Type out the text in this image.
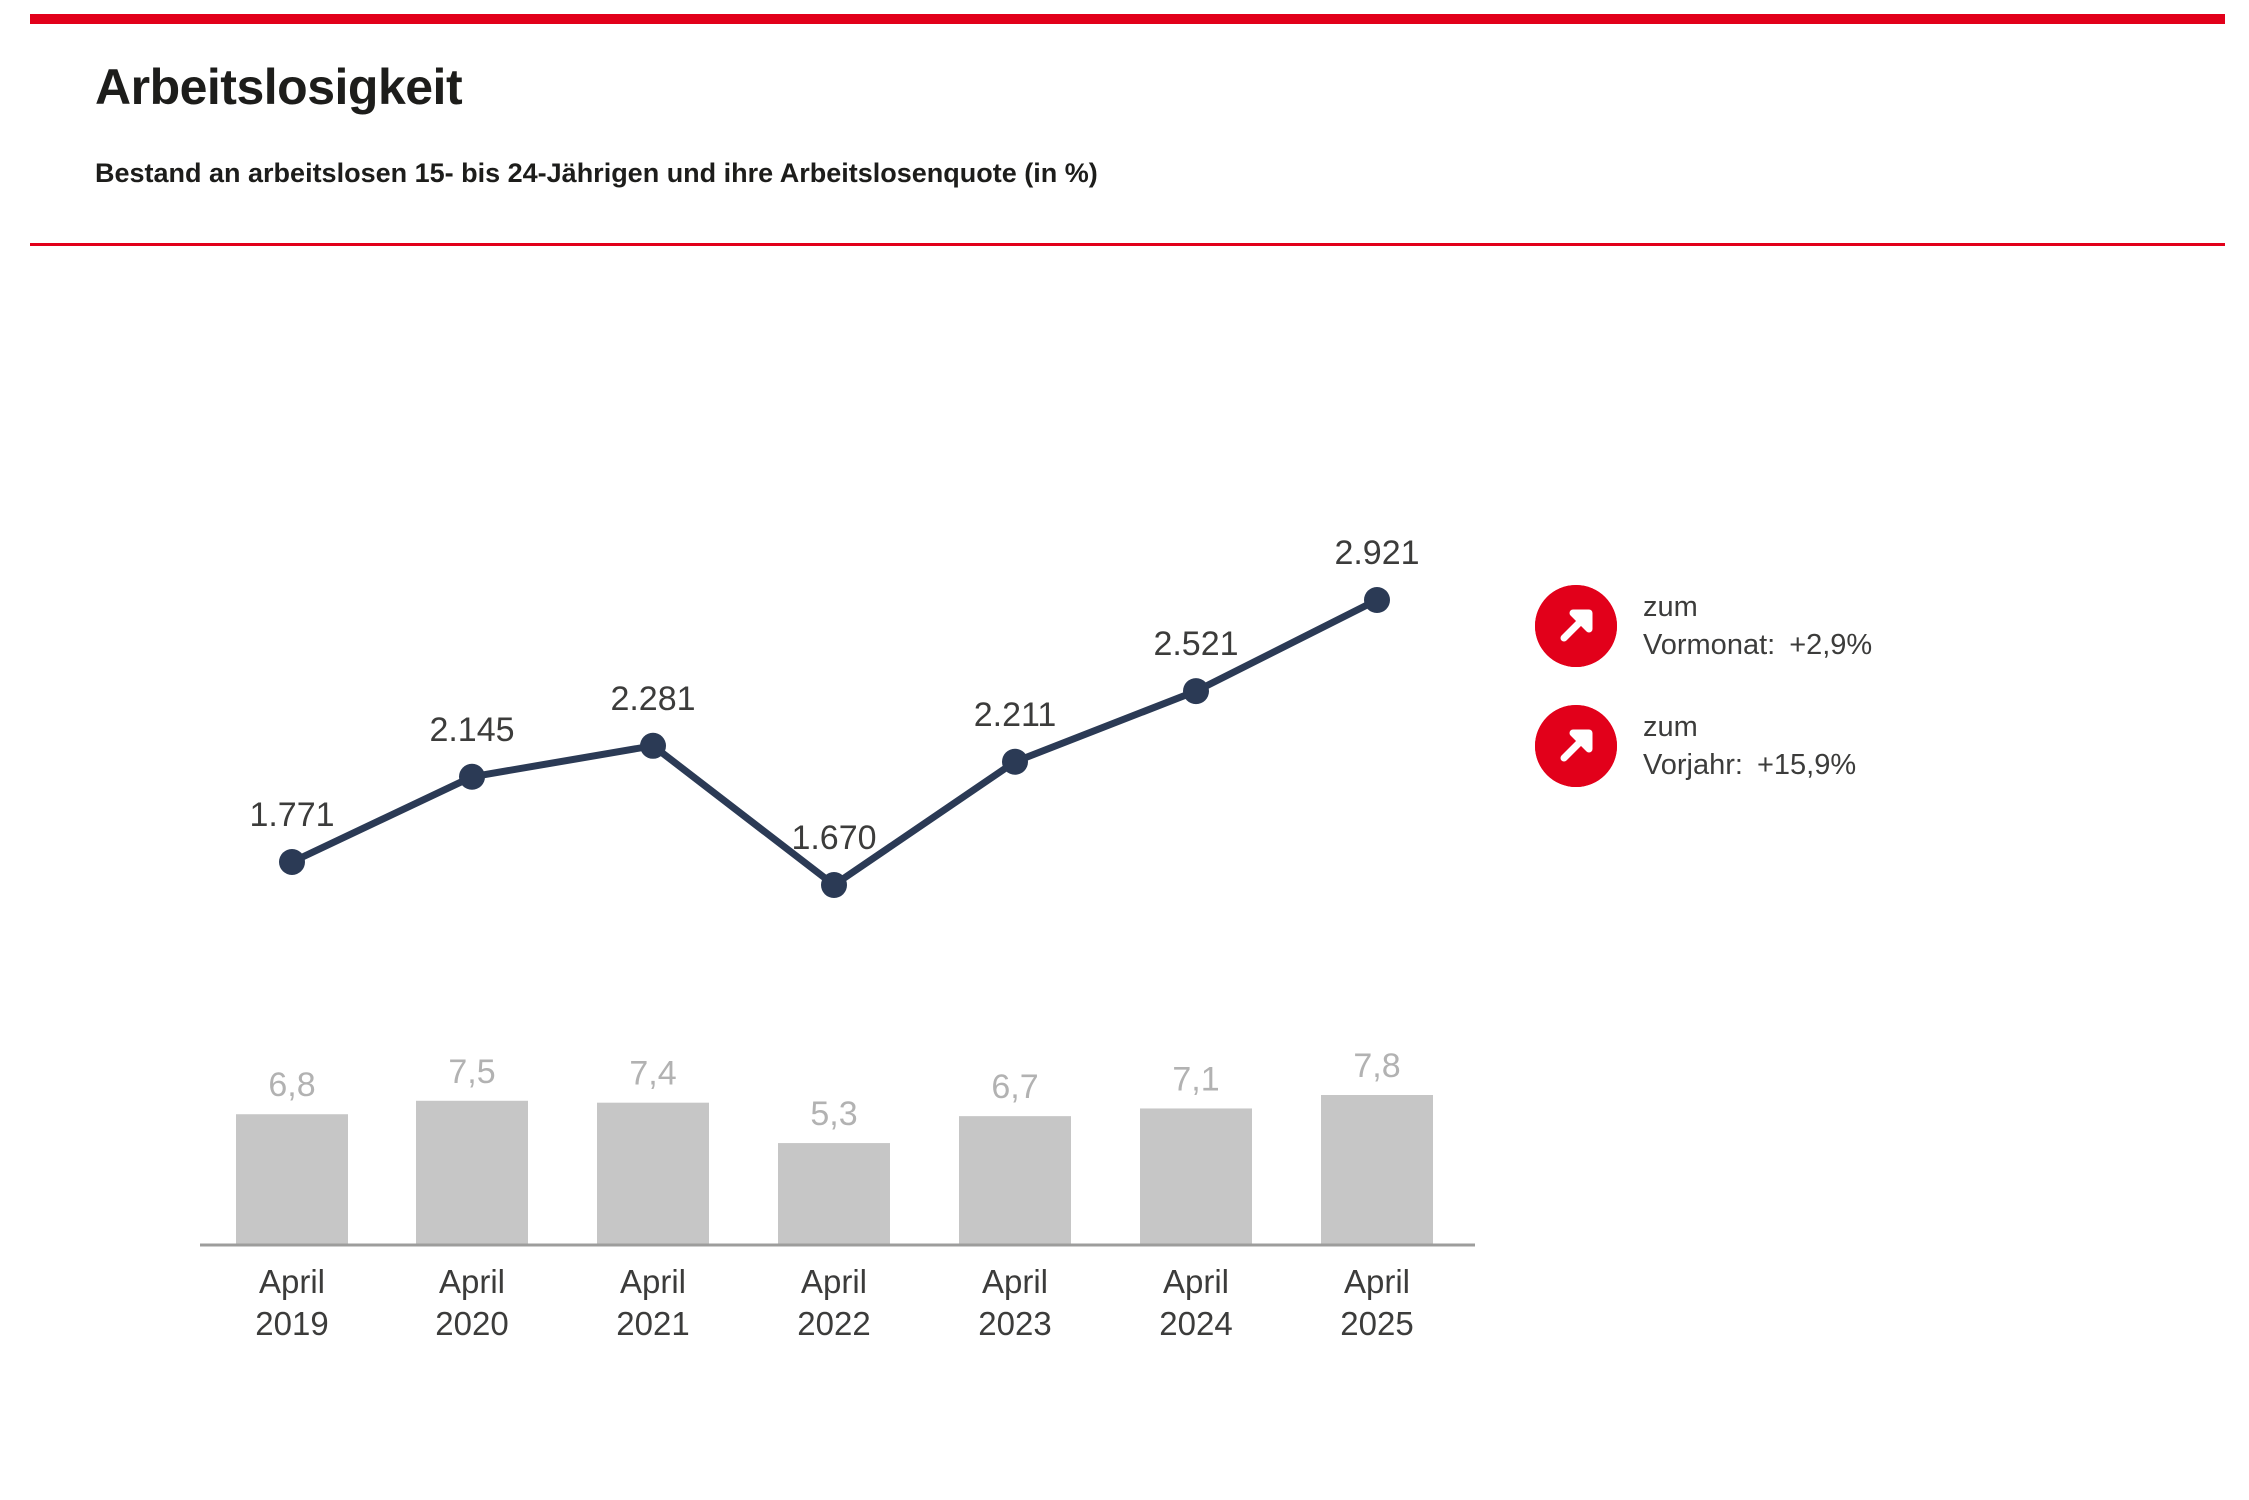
Arbeitslosigkeit

Bestand an arbeitslosen 15- bis 24-Jährigen und ihre Arbeitslosenquote (in %)

1.771
2.145
2.281
1.670
2.211
2.521
2.921
6,8	7,5	7,4
5,3
6,7	7,1	7,8
April
2019
April
2020
April
2021
April
2022
April
2023
April
2024
April
2025
zum
Vormonat: +2,9%
zum
Vorjahr: +15,9%
